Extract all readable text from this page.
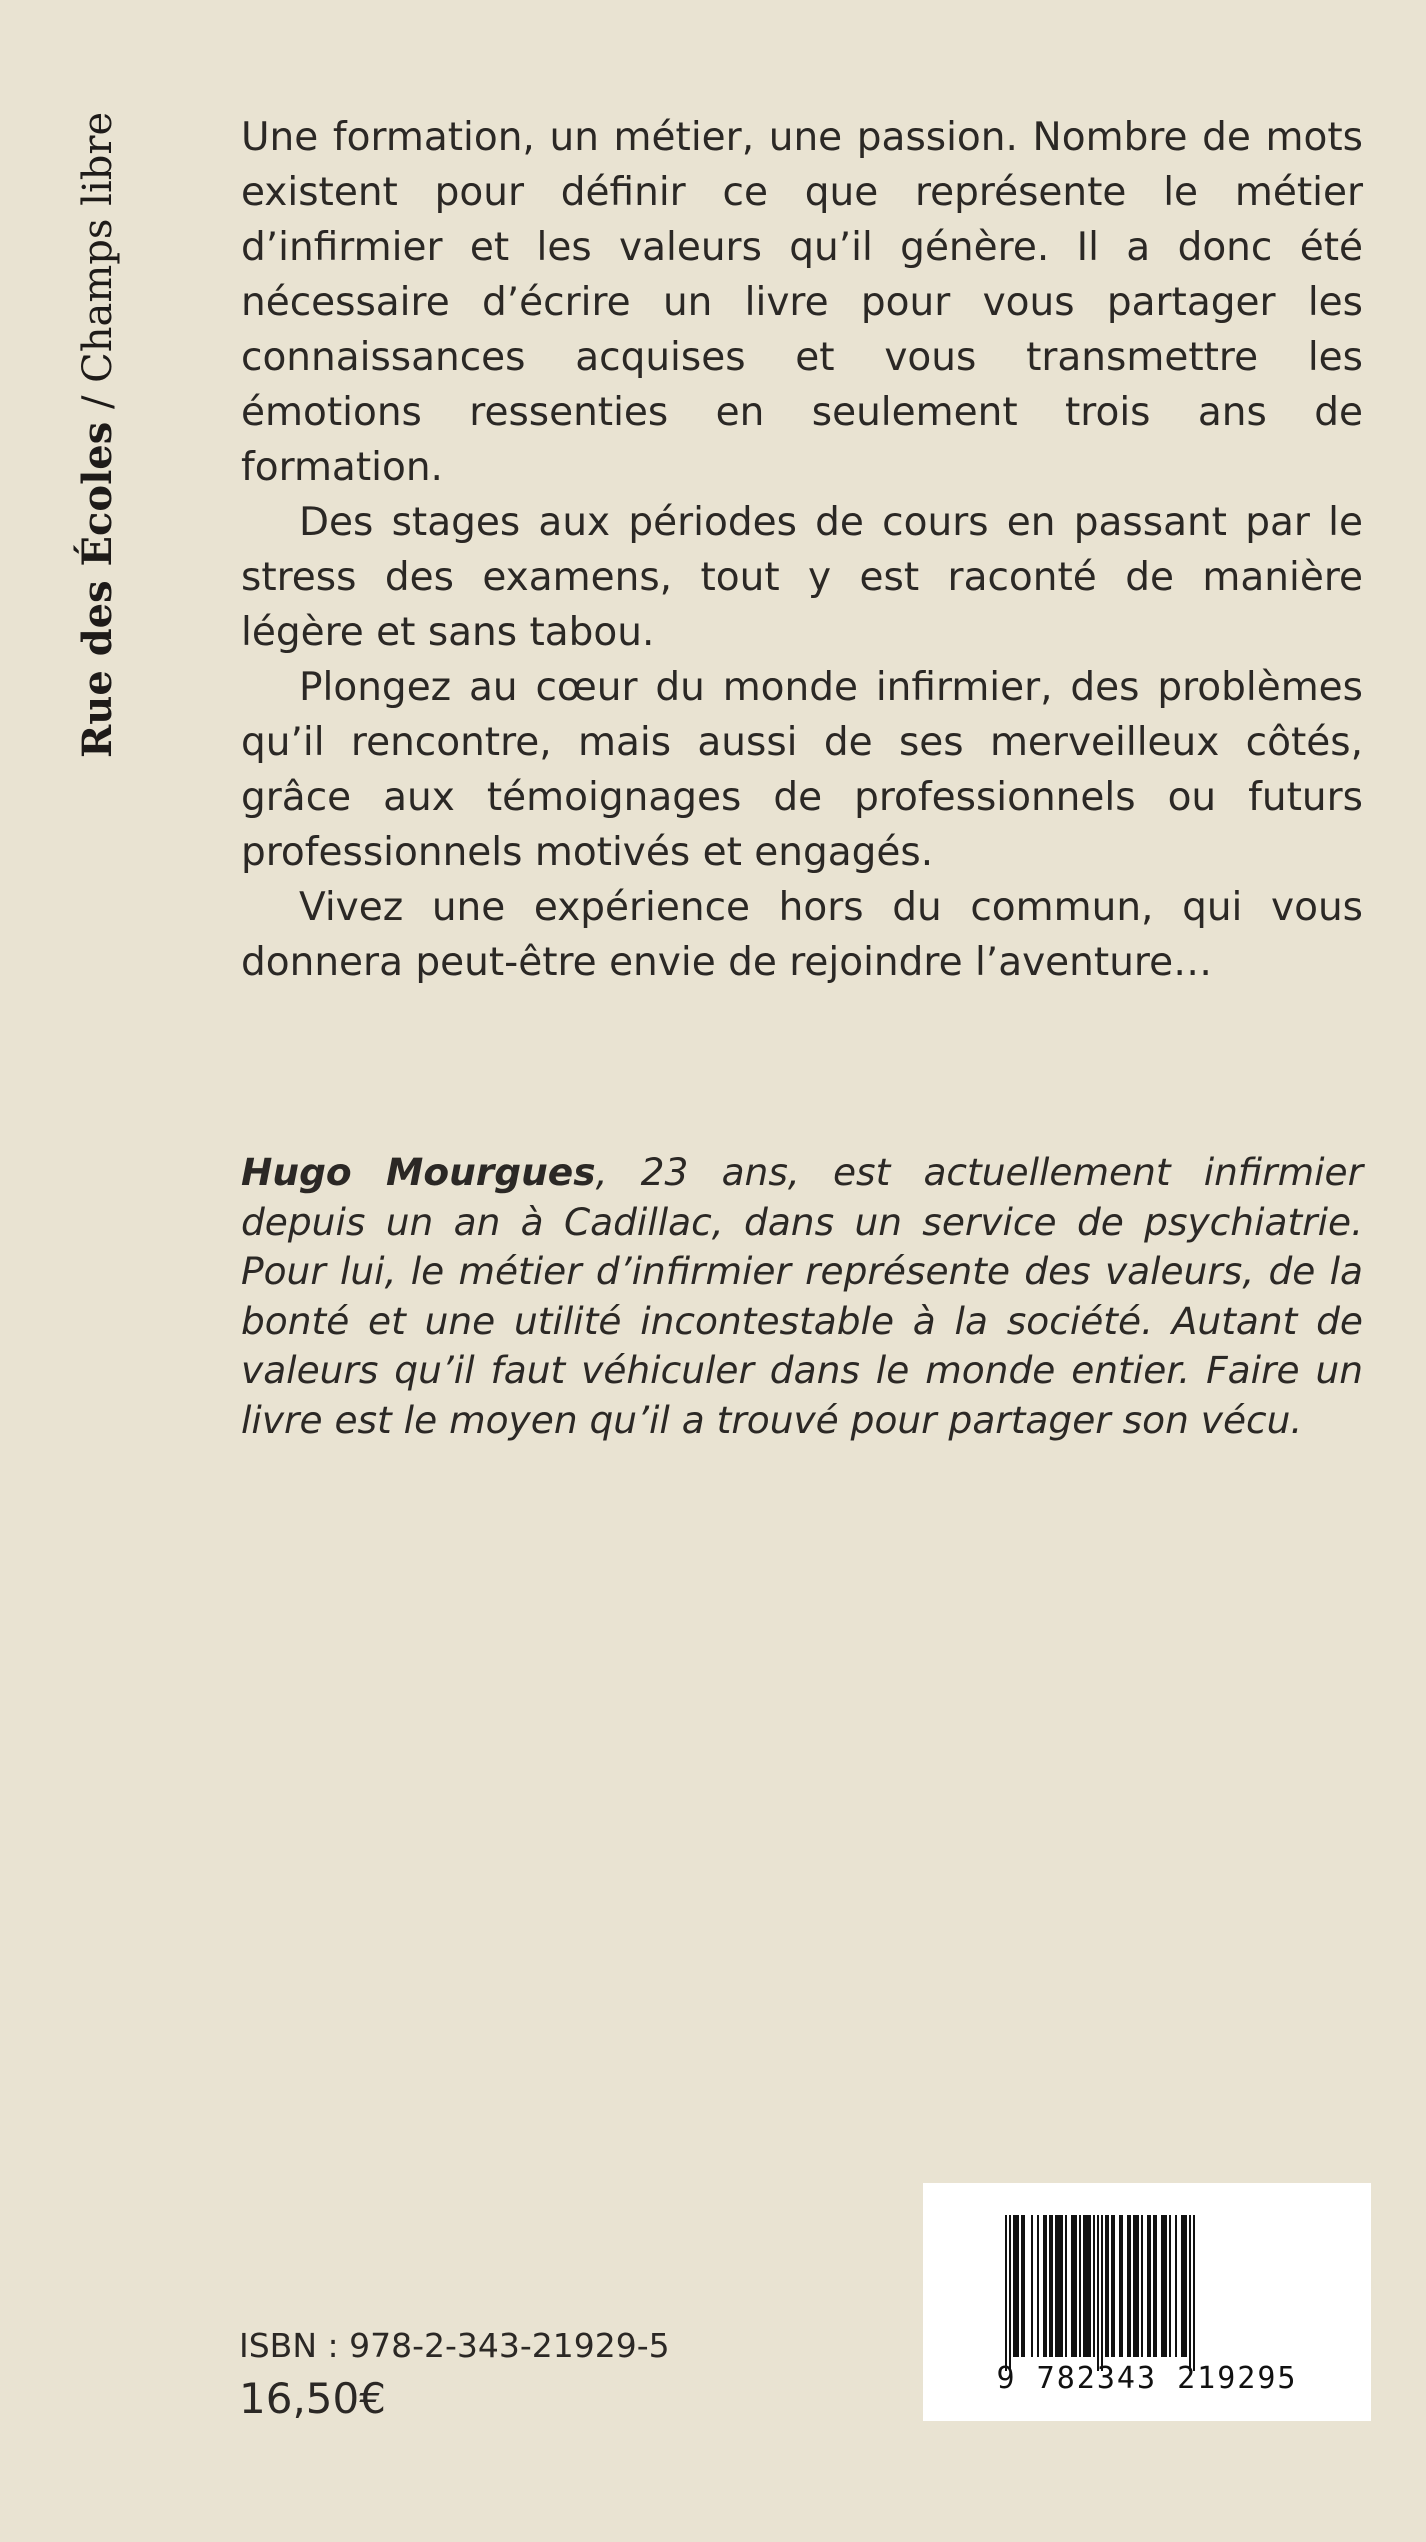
Rue des Écoles / Champs libre	Une formation, un métier, une passion. Nombre de mots existent pour définir ce que représente le métier d’infirmier et les valeurs qu’il génère. Il a donc été nécessaire d’écrire un livre pour vous partager les connaissances acquises et vous transmettre les émotions ressenties en seulement trois ans de formation.

Des stages aux périodes de cours en passant par le stress des examens, tout y est raconté de manière légère et sans tabou.

Plongez au cœur du monde infirmier, des problèmes qu’il rencontre, mais aussi de ses merveilleux côtés, grâce aux témoignages de professionnels ou futurs professionnels motivés et engagés.

Vivez une expérience hors du commun, qui vous donnera peut-être envie de rejoindre l’aventure…

Hugo Mourgues, 23 ans, est actuellement infirmier depuis un an à Cadillac, dans un service de psychiatrie. Pour lui, le métier d’infirmier représente des valeurs, de la bonté et une utilité incontestable à la société. Autant de valeurs qu’il faut véhiculer dans le monde entier. Faire un livre est le moyen qu’il a trouvé pour partager son vécu.

ISBN : 978-2-343-21929-5
16,50€	9 782343 219295
